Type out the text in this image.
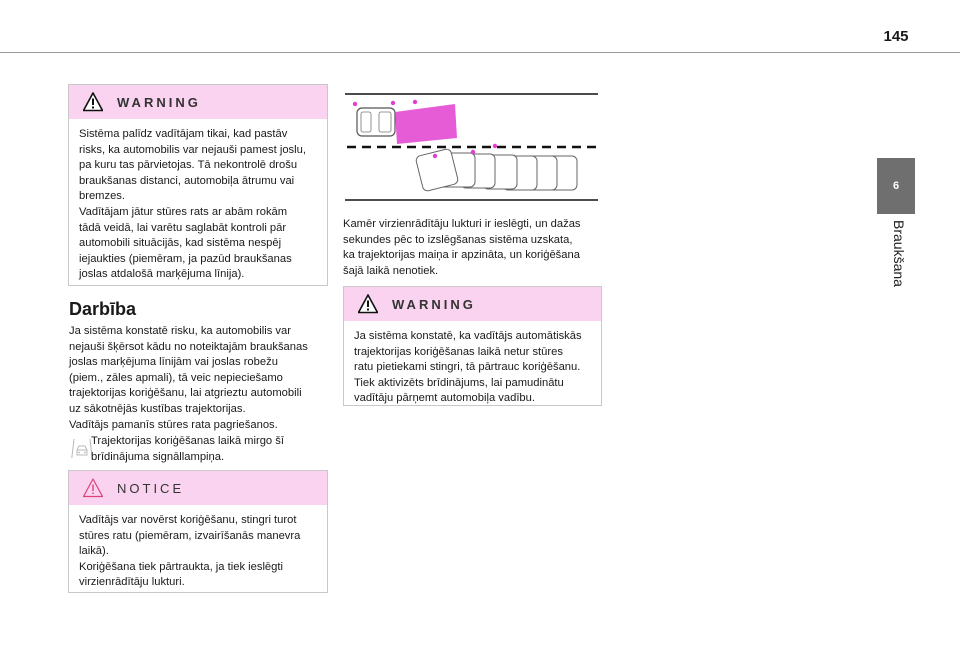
145
6
Braukšana
WARNING

Sistēma palīdz vadītājam tikai, kad pastāv

risks, ka automobilis var nejauši pamest joslu,

pa kuru tas pārvietojas. Tā nekontrolē drošu

braukšanas distanci, automobiļa ātrumu vai

bremzes.

Vadītājam jātur stūres rats ar abām rokām

tādā veidā, lai varētu saglabāt kontroli pār

automobili situācijās, kad sistēma nespēj

iejaukties (piemēram, ja pazūd braukšanas

joslas atdalošā marķējuma līnija).

Darbība

Ja sistēma konstatē risku, ka automobilis var

nejauši šķērsot kādu no noteiktajām braukšanas

joslas marķējuma līnijām vai joslas robežu

(piem., zāles apmali), tā veic nepieciešamo

trajektorijas koriģēšanu, lai atgrieztu automobili

uz sākotnējās kustības trajektorijas.

Vadītājs pamanīs stūres rata pagriešanos.

Trajektorijas koriģēšanas laikā mirgo šī

brīdinājuma signāllampiņa.

NOTICE

Vadītājs var novērst koriģēšanu, stingri turot

stūres ratu (piemēram, izvairīšanās manevra

laikā).

Koriģēšana tiek pārtraukta, ja tiek ieslēgti

virzienrādītāju lukturi.

Kamēr virzienrādītāju lukturi ir ieslēgti, un dažas

sekundes pēc to izslēgšanas sistēma uzskata,

ka trajektorijas maiņa ir apzināta, un koriģēšana

šajā laikā nenotiek.

WARNING

Ja sistēma konstatē, ka vadītājs automātiskās

trajektorijas koriģēšanas laikā netur stūres

ratu pietiekami stingri, tā pārtrauc koriģēšanu.

Tiek aktivizēts brīdinājums, lai pamudinātu

vadītāju pārņemt automobiļa vadību.
